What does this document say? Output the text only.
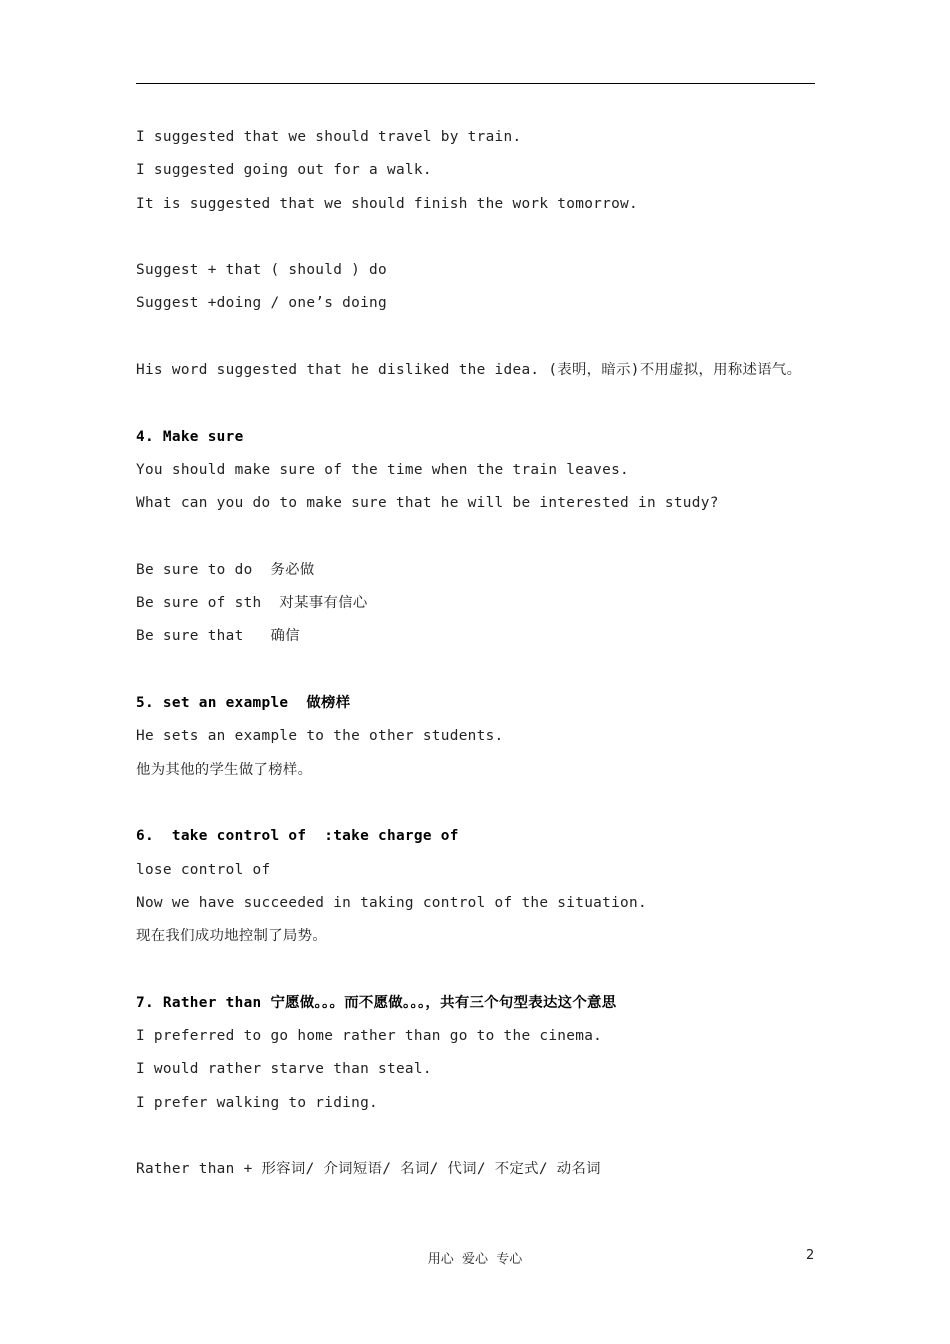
I suggested that we should travel by train.
I suggested going out for a walk.
It is suggested that we should finish the work tomorrow.
Suggest + that ( should ) do
Suggest +doing / one’s doing
His word suggested that he disliked the idea. (表明，暗示)不用虚拟，用称述语气。
4. Make sure
You should make sure of the time when the train leaves.
What can you do to make sure that he will be interested in study?
Be sure to do  务必做
Be sure of sth  对某事有信心
Be sure that   确信
5. set an example  做榜样
He sets an example to the other students.
他为其他的学生做了榜样。
6.  take control of  :take charge of
lose control of
Now we have succeeded in taking control of the situation.
现在我们成功地控制了局势。
7. Rather than 宁愿做。。。而不愿做。。。，共有三个句型表达这个意思
I preferred to go home rather than go to the cinema.
I would rather starve than steal.
I prefer walking to riding.
Rather than + 形容词/ 介词短语/ 名词/ 代词/ 不定式/ 动名词
用心  爱心  专心	2
